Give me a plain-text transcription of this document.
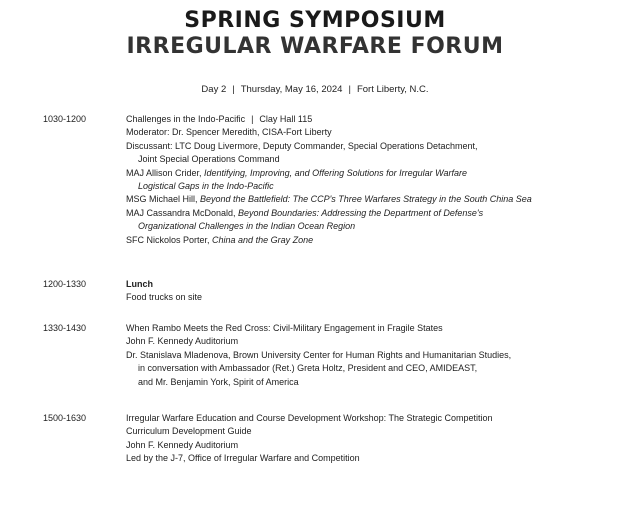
SPRING SYMPOSIUM
IRREGULAR WARFARE FORUM
Day 2 | Thursday, May 16, 2024 | Fort Liberty, N.C.
1030-1200	Challenges in the Indo-Pacific | Clay Hall 115
Moderator: Dr. Spencer Meredith, CISA-Fort Liberty
Discussant: LTC Doug Livermore, Deputy Commander, Special Operations Detachment,
Joint Special Operations Command
MAJ Allison Crider, Identifying, Improving, and Offering Solutions for Irregular Warfare
Logistical Gaps in the Indo-Pacific
MSG Michael Hill, Beyond the Battlefield: The CCP's Three Warfares Strategy in the South China Sea
MAJ Cassandra McDonald, Beyond Boundaries: Addressing the Department of Defense's
Organizational Challenges in the Indian Ocean Region
SFC Nickolos Porter, China and the Gray Zone
1200-1330	Lunch
Food trucks on site
1330-1430	When Rambo Meets the Red Cross: Civil-Military Engagement in Fragile States
John F. Kennedy Auditorium
Dr. Stanislava Mladenova, Brown University Center for Human Rights and Humanitarian Studies,
in conversation with Ambassador (Ret.) Greta Holtz, President and CEO, AMIDEAST,
and Mr. Benjamin York, Spirit of America
1500-1630	Irregular Warfare Education and Course Development Workshop: The Strategic Competition
Curriculum Development Guide
John F. Kennedy Auditorium
Led by the J-7, Office of Irregular Warfare and Competition
